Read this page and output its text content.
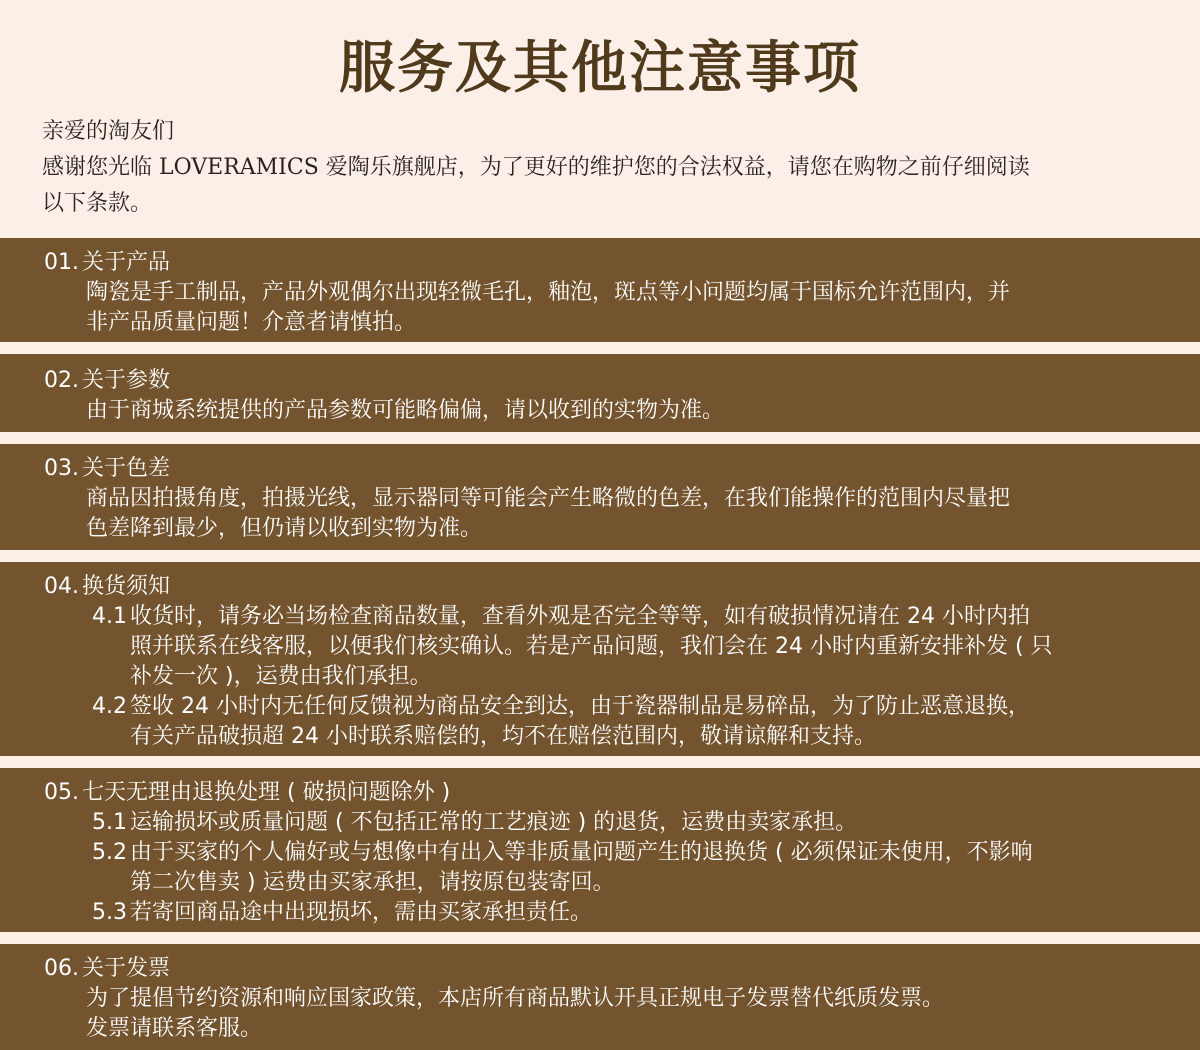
服务及其他注意事项
亲爱的淘友们
感谢您光临 LOVERAMICS 爱陶乐旗舰店，为了更好的维护您的合法权益，请您在购物之前仔细阅读
以下条款。
01. 关于产品
陶瓷是手工制品，产品外观偶尔出现轻微毛孔，釉泡，斑点等小问题均属于国标允许范围内，并
非产品质量问题！介意者请慎拍。
02. 关于参数
由于商城系统提供的产品参数可能略偏偏，请以收到的实物为准。
03. 关于色差
商品因拍摄角度，拍摄光线，显示器同等可能会产生略微的色差，在我们能操作的范围内尽量把
色差降到最少，但仍请以收到实物为准。
04. 换货须知
4.1 收货时，请务必当场检查商品数量，查看外观是否完全等等，如有破损情况请在 24 小时内拍
照并联系在线客服，以便我们核实确认。若是产品问题，我们会在 24 小时内重新安排补发 ( 只
补发一次 )，运费由我们承担。
4.2 签收 24 小时内无任何反馈视为商品安全到达，由于瓷器制品是易碎品，为了防止恶意退换，
有关产品破损超 24 小时联系赔偿的，均不在赔偿范围内，敬请谅解和支持。
05. 七天无理由退换处理 ( 破损问题除外 )
5.1 运输损坏或质量问题 ( 不包括正常的工艺痕迹 ) 的退货，运费由卖家承担。
5.2 由于买家的个人偏好或与想像中有出入等非质量问题产生的退换货 ( 必须保证未使用，不影响
第二次售卖 ) 运费由买家承担，请按原包装寄回。
5.3 若寄回商品途中出现损坏，需由买家承担责任。
06. 关于发票
为了提倡节约资源和响应国家政策，本店所有商品默认开具正规电子发票替代纸质发票。
发票请联系客服。
